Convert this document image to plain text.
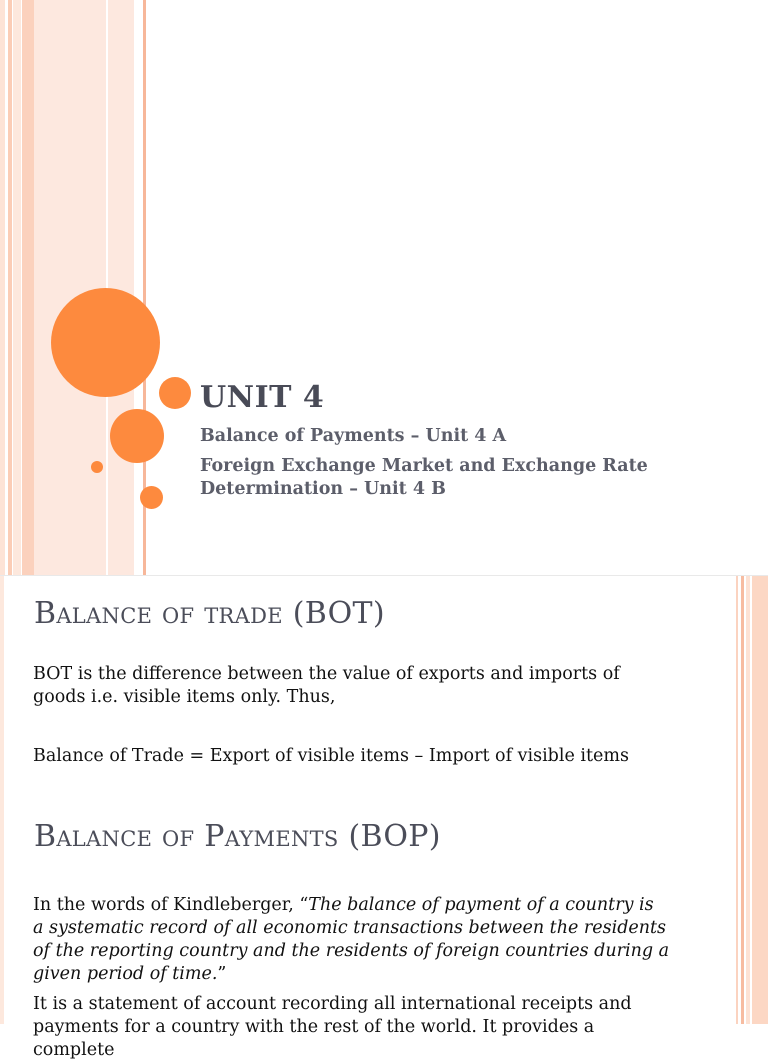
UNIT 4

Balance of Payments – Unit 4 A

Foreign Exchange Market and Exchange Rate

Determination – Unit 4 B

Balance of trade (BOT)

BOT is the difference between the value of exports and imports of

goods i.e. visible items only. Thus,

Balance of Trade = Export of visible items – Import of visible items

Balance of Payments (BOP)

In the words of Kindleberger, “The balance of payment of a country is

a systematic record of all economic transactions between the residents

of the reporting country and the residents of foreign countries during a

given period of time.”

It is a statement of account recording all international receipts and

payments for a country with the rest of the world. It provides a complete
